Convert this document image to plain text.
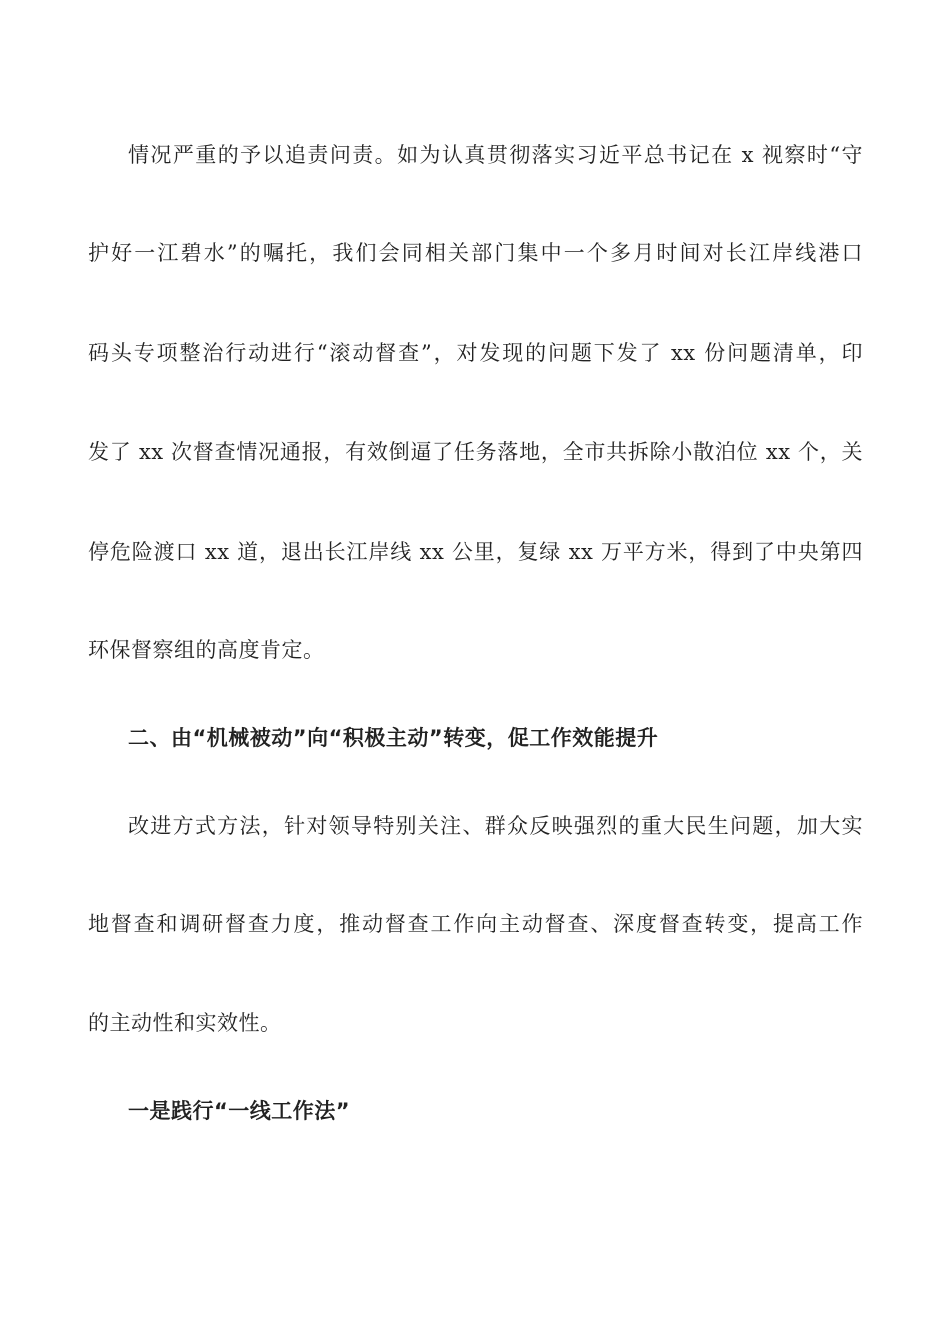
情况严重的予以追责问责。如为认真贯彻落实习近平总书记在 x 视察时“守
护好一江碧水”的嘱托，我们会同相关部门集中一个多月时间对长江岸线港口
码头专项整治行动进行“滚动督查”，对发现的问题下发了 xx 份问题清单，印
发了 xx 次督查情况通报，有效倒逼了任务落地，全市共拆除小散泊位 xx 个，关
停危险渡口 xx 道，退出长江岸线 xx 公里，复绿 xx 万平方米，得到了中央第四
环保督察组的高度肯定。
二、由“机械被动”向“积极主动”转变，促工作效能提升
改进方式方法，针对领导特别关注、群众反映强烈的重大民生问题，加大实
地督查和调研督查力度，推动督查工作向主动督查、深度督查转变，提高工作
的主动性和实效性。
一是践行“一线工作法”
